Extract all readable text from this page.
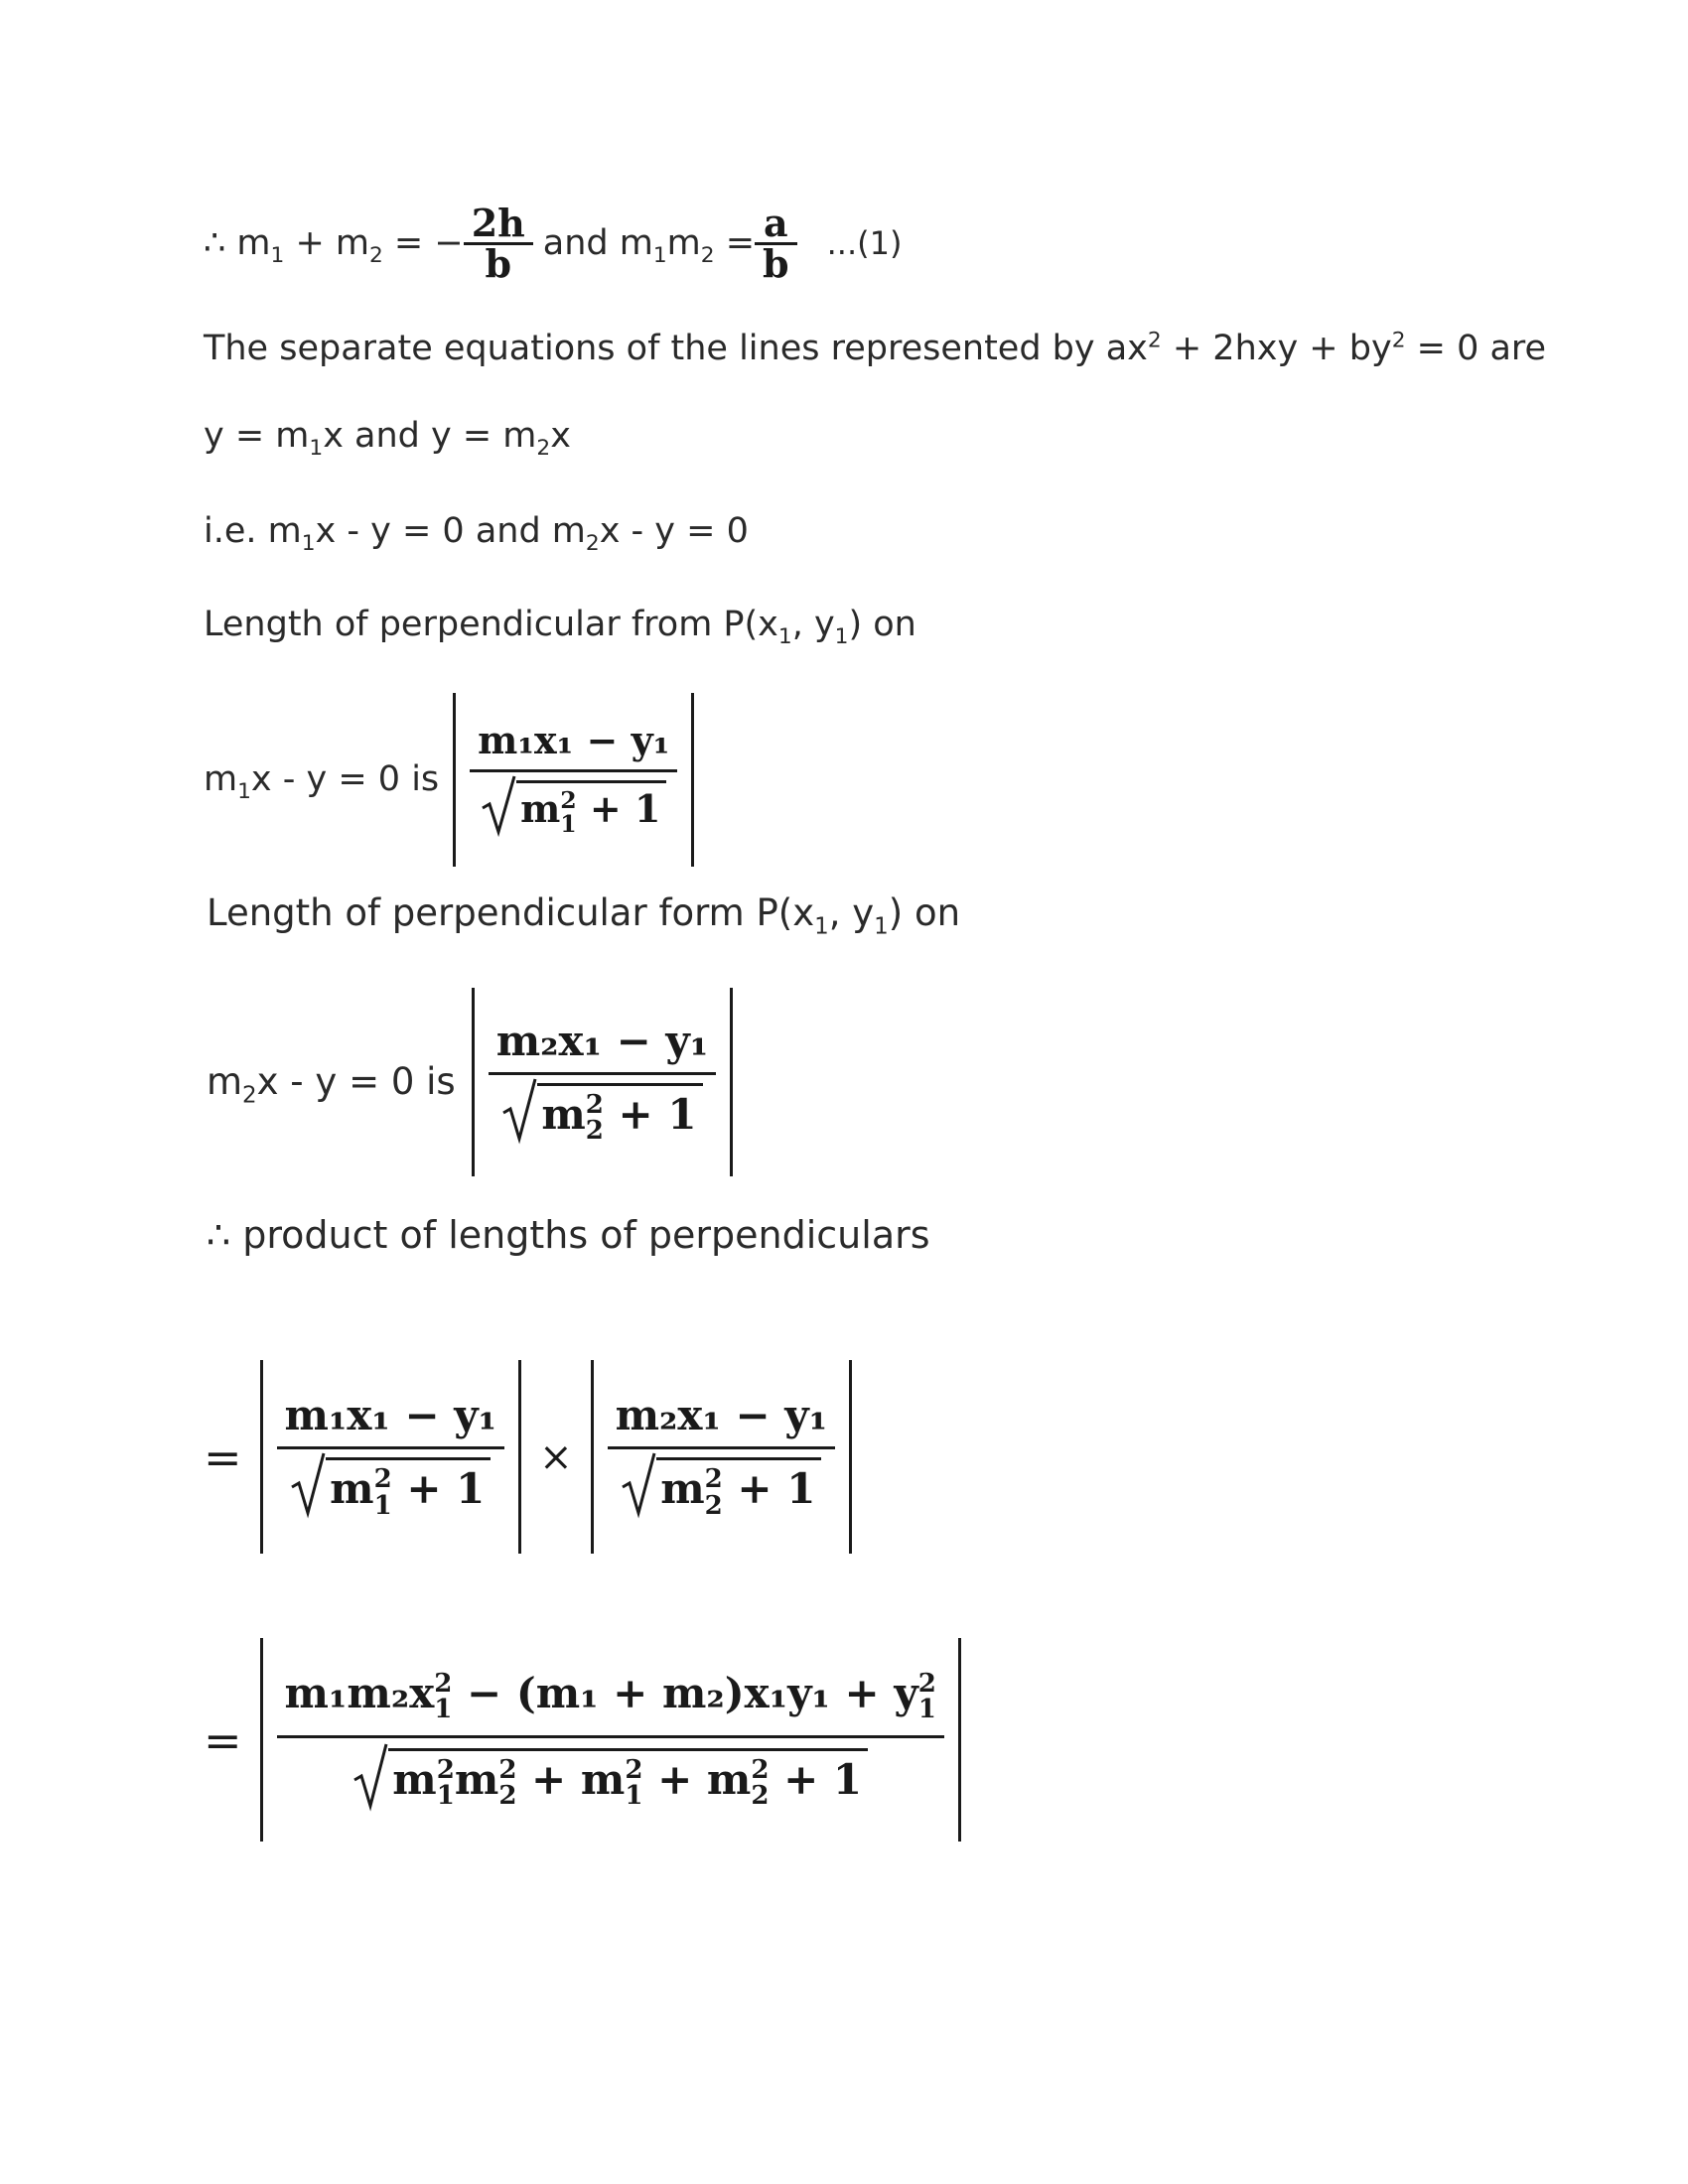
∴ $m_1 + m_2$ = − $\frac{2h}{b}$ and $m_1m_2 = \frac{a}{b} ...(1)$
The separate equations of the lines represented by $ax^2 + 2hxy + by^2 = 0$ are
$y = m_1x$ and $y = m_2x$
i.e. $m_1x - y = 0$ and $m_2x - y = 0$
Length of perpendicular from $P(x_1$, $y_1$) on
$m_1x - y = 0$ is m₁x₁ − y₁
m 2
1 + 1
Length of perpendicular form $P(x_1$, $y_1$) on
$m_2x - y = 0$ is m₂x₁ − y₁
m 2
2 + 1
∴ product of lengths of perpendiculars
= m₁x₁ − y₁
m 2
1 + 1 × m₂x₁ − y₁
m 2
2 + 1
= m₁m₂x 2
1 − (m₁ + m₂)x₁y₁ + y 2
1
m 2
1 m 2
2 + m 2
1 + m 2
2 + 1
